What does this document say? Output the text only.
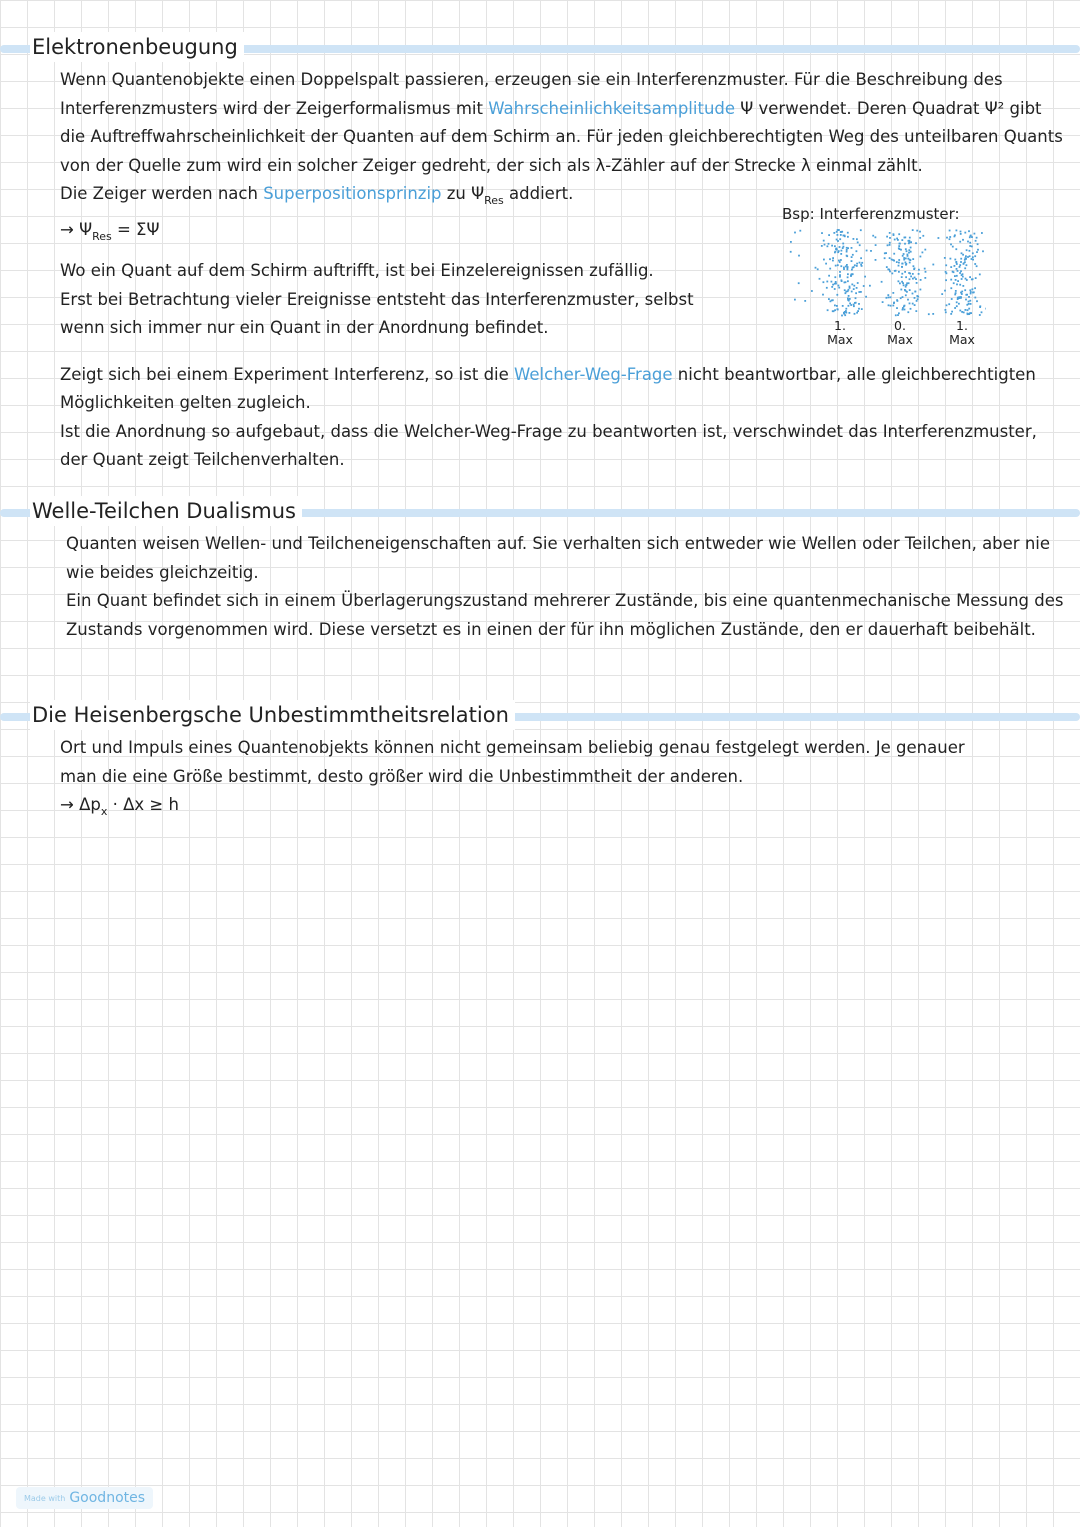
Elektronenbeugung

Wenn Quantenobjekte einen Doppelspalt passieren, erzeugen sie ein Interferenzmuster. Für die Beschreibung des Interferenzmusters wird der Zeigerformalismus mit Wahrscheinlichkeitsamplitude Ψ verwendet. Deren Quadrat Ψ² gibt die Auftreffwahrscheinlichkeit der Quanten auf dem Schirm an. Für jeden gleichberechtigten Weg des unteilbaren Quants von der Quelle zum wird ein solcher Zeiger gedreht, der sich als λ-Zähler auf der Strecke λ einmal zählt.

Die Zeiger werden nach Superpositionsprinzip zu $\Psi_{Res}$ addiert.

→ $\Psi_{Res} = \Sigma\Psi$

Wo ein Quant auf dem Schirm auftrifft, ist bei Einzelereignissen zufällig.

Erst bei Betrachtung vieler Ereignisse entsteht das Interferenzmuster, selbst wenn sich immer nur ein Quant in der Anordnung befindet.

Zeigt sich bei einem Experiment Interferenz, so ist die Welcher-Weg-Frage nicht beantwortbar, alle gleichberechtigten Möglichkeiten gelten zugleich.

Ist die Anordnung so aufgebaut, dass die Welcher-Weg-Frage zu beantworten ist, verschwindet das Interferenzmuster, der Quant zeigt Teilchenverhalten.

Bsp: Interferenzmuster:
1.
Max
0.
Max
1.
Max
Welle-Teilchen Dualismus

Quanten weisen Wellen- und Teilcheneigenschaften auf. Sie verhalten sich entweder wie Wellen oder Teilchen, aber nie wie beides gleichzeitig.

Ein Quant befindet sich in einem Überlagerungszustand mehrerer Zustände, bis eine quantenmechanische Messung des Zustands vorgenommen wird. Diese versetzt es in einen der für ihn möglichen Zustände, den er dauerhaft beibehält.

Die Heisenbergsche Unbestimmtheitsrelation

Ort und Impuls eines Quantenobjekts können nicht gemeinsam beliebig genau festgelegt werden. Je genauer man die eine Größe bestimmt, desto größer wird die Unbestimmtheit der anderen.

→ $\Delta p_x \cdot \Delta x \ge h$

Made with Goodnotes
